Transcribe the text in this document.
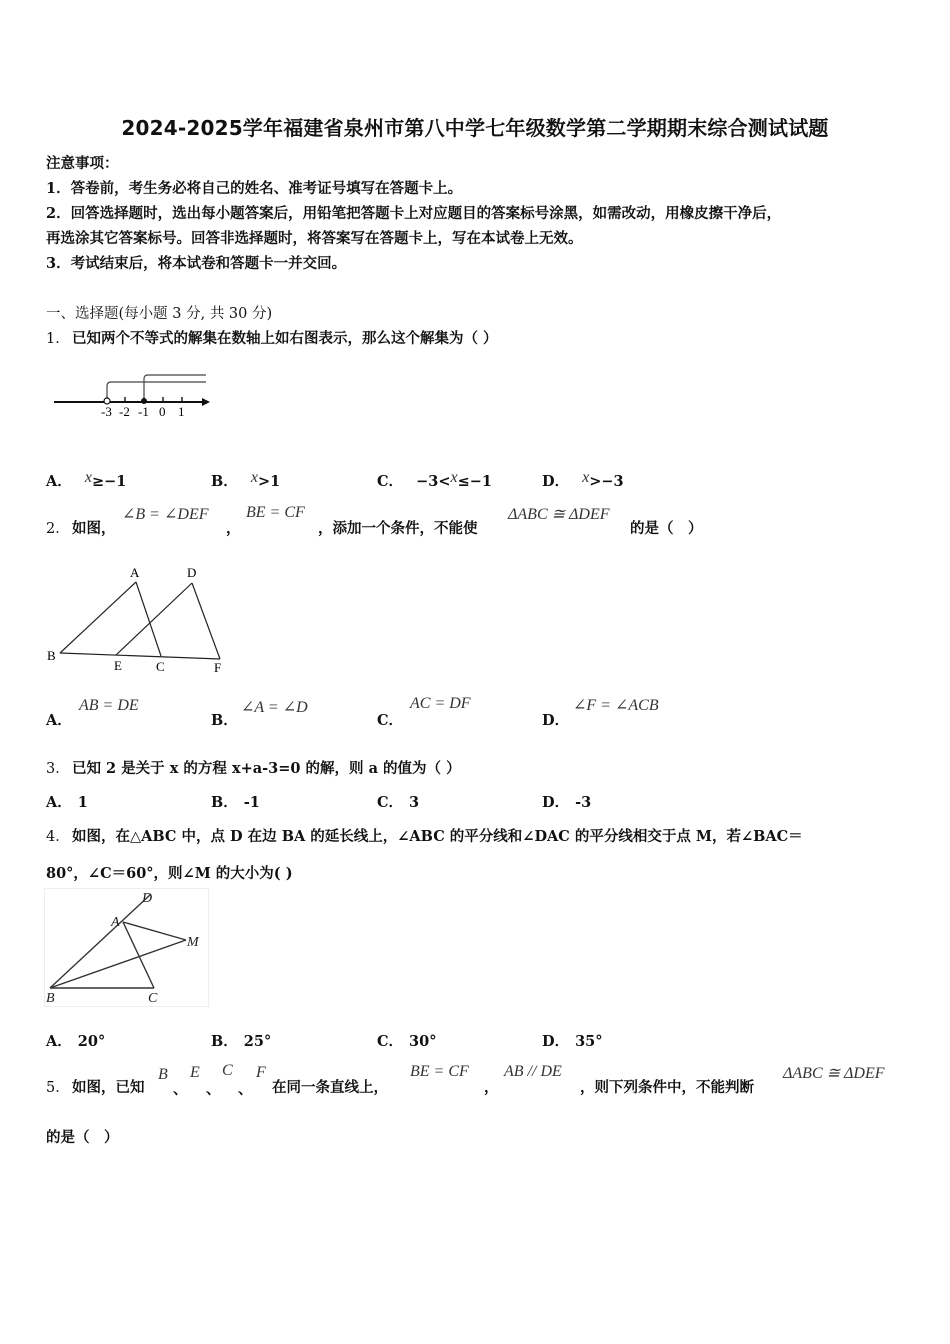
2024-2025学年福建省泉州市第八中学七年级数学第二学期期末综合测试试题
注意事项：
1．答卷前，考生务必将自己的姓名、准考证号填写在答题卡上。
2．回答选择题时，选出每小题答案后，用铅笔把答题卡上对应题目的答案标号涂黑，如需改动，用橡皮擦干净后，
再选涂其它答案标号。回答非选择题时，将答案写在答题卡上，写在本试卷上无效。
3．考试结束后，将本试卷和答题卡一并交回。
一、选择题(每小题 3 分, 共 30 分)
1． 已知两个不等式的解集在数轴上如右图表示，那么这个解集为（ ）
-3 -2 -1 0 1
A． x≥−1	B． x>1	C． −3<x≤−1	D． x>−3
2． 如图，
∠B = ∠DEF
，
BE = CF
，添加一个条件，不能使
ΔABC ≅ ΔDEF
的是（　）
A	D
B
E	C	F
A．
AB = DE
B．
∠A = ∠D
C．
AC = DF
D．
∠F = ∠ACB
3． 已知 2 是关于 x 的方程 x+a-3=0 的解，则 a 的值为（ ）
A． 1	B． -1	C． 3	D． -3
4． 如图，在△ABC 中，点 D 在边 BA 的延长线上，∠ABC 的平分线和∠DAC 的平分线相交于点 M，若∠BAC＝
80°，∠C＝60°，则∠M 的大小为( )
D
A
M
B	C
A． 20°	B． 25°	C． 30°	D． 35°
5． 如图，已知
B
、
E
、
C
、
F
在同一条直线上，
BE = CF
，
AB // DE
，则下列条件中，不能判断
ΔABC ≅ ΔDEF
的是（　）
